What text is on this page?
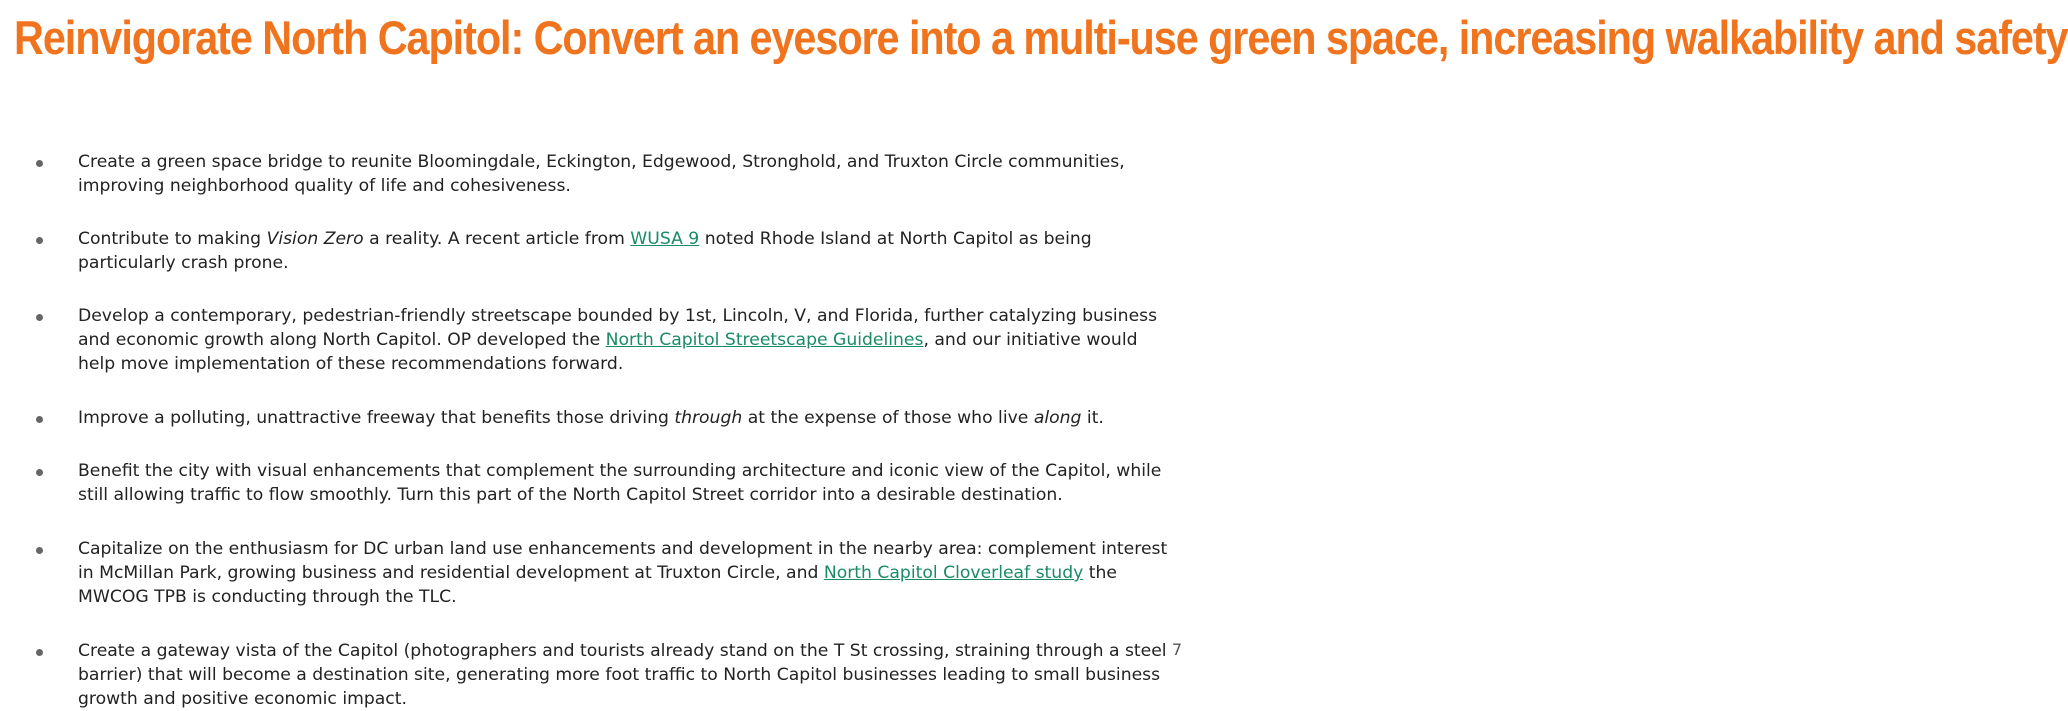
Reinvigorate North Capitol: Convert an eyesore into a multi-use green space, increasing walkability and safety
Create a green space bridge to reunite Bloomingdale, Eckington, Edgewood, Stronghold, and Truxton Circle communities, improving neighborhood quality of life and cohesiveness.
Contribute to making Vision Zero a reality. A recent article from WUSA 9 noted Rhode Island at North Capitol as being particularly crash prone.
Develop a contemporary, pedestrian-friendly streetscape bounded by 1st, Lincoln, V, and Florida, further catalyzing business and economic growth along North Capitol. OP developed the North Capitol Streetscape Guidelines, and our initiative would help move implementation of these recommendations forward.
Improve a polluting, unattractive freeway that benefits those driving through at the expense of those who live along it.
Benefit the city with visual enhancements that complement the surrounding architecture and iconic view of the Capitol, while still allowing traffic to flow smoothly. Turn this part of the North Capitol Street corridor into a desirable destination.
Capitalize on the enthusiasm for DC urban land use enhancements and development in the nearby area: complement interest in McMillan Park, growing business and residential development at Truxton Circle, and North Capitol Cloverleaf study the MWCOG TPB is conducting through the TLC.
Create a gateway vista of the Capitol (photographers and tourists already stand on the T St crossing, straining through a steel barrier) that will become a destination site, generating more foot traffic to North Capitol businesses leading to small business growth and positive economic impact.
7
